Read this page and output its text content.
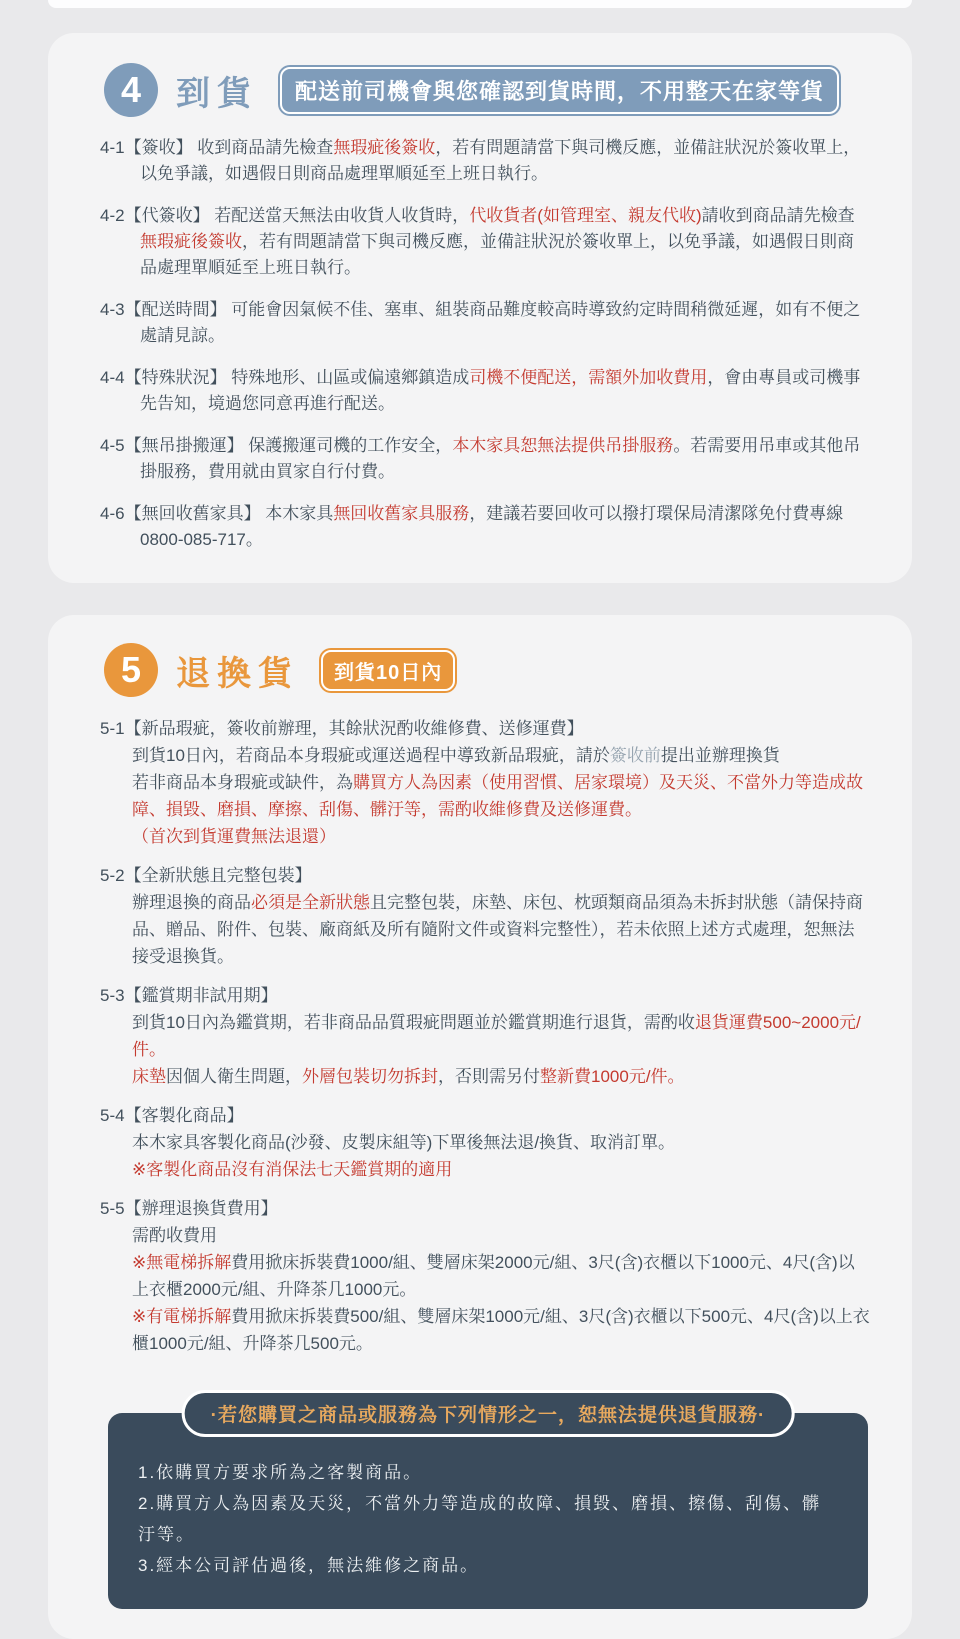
4	到貨	配送前司機會與您確認到貨時間，不用整天在家等貨

4-1【簽收】 收到商品請先檢查無瑕疵後簽收，若有問題請當下與司機反應，並備註狀況於簽收單上，以免爭議，如遇假日則商品處理單順延至上班日執行。

4-2【代簽收】 若配送當天無法由收貨人收貨時，代收貨者(如管理室、親友代收)請收到商品請先檢查無瑕疵後簽收，若有問題請當下與司機反應，並備註狀況於簽收單上，以免爭議，如遇假日則商品處理單順延至上班日執行。

4-3【配送時間】 可能會因氣候不佳、塞車、組裝商品難度較高時導致約定時間稍微延遲，如有不便之處請見諒。

4-4【特殊狀況】 特殊地形、山區或偏遠鄉鎮造成司機不便配送，需額外加收費用，會由專員或司機事先告知，境過您同意再進行配送。

4-5【無吊掛搬運】 保護搬運司機的工作安全，本木家具恕無法提供吊掛服務。若需要用吊車或其他吊掛服務，費用就由買家自行付費。

4-6【無回收舊家具】 本木家具無回收舊家具服務，建議若要回收可以撥打環保局清潔隊免付費專線0800-085-717。

5	退換貨	到貨10日內
5-1【新品瑕疵，簽收前辦理，其餘狀況酌收維修費、送修運費】
到貨10日內，若商品本身瑕疵或運送過程中導致新品瑕疵，請於簽收前提出並辦理換貨
若非商品本身瑕疵或缺件，為購買方人為因素（使用習慣、居家環境）及天災、不當外力等造成故障、損毀、磨損、摩擦、刮傷、髒汙等，需酌收維修費及送修運費。
（首次到貨運費無法退還）
5-2【全新狀態且完整包裝】
辦理退換的商品必須是全新狀態且完整包裝，床墊、床包、枕頭類商品須為未拆封狀態（請保持商品、贈品、附件、包裝、廠商紙及所有隨附文件或資料完整性），若未依照上述方式處理，恕無法接受退換貨。
5-3【鑑賞期非試用期】
到貨10日內為鑑賞期，若非商品品質瑕疵問題並於鑑賞期進行退貨，需酌收退貨運費500~2000元/件。
床墊因個人衛生問題，外層包裝切勿拆封，否則需另付整新費1000元/件。
5-4【客製化商品】
本木家具客製化商品(沙發、皮製床組等)下單後無法退/換貨、取消訂單。
※客製化商品沒有消保法七天鑑賞期的適用
5-5【辦理退換貨費用】
需酌收費用
※無電梯拆解費用掀床拆裝費1000/組、雙層床架2000元/組、3尺(含)衣櫃以下1000元、4尺(含)以上衣櫃2000元/組、升降茶几1000元。
※有電梯拆解費用掀床拆裝費500/組、雙層床架1000元/組、3尺(含)衣櫃以下500元、4尺(含)以上衣櫃1000元/組、升降茶几500元。
·若您購買之商品或服務為下列情形之一，恕無法提供退貨服務·
1.依購買方要求所為之客製商品。
2.購買方人為因素及天災，不當外力等造成的故障、損毀、磨損、擦傷、刮傷、髒汙等。
3.經本公司評估過後，無法維修之商品。
